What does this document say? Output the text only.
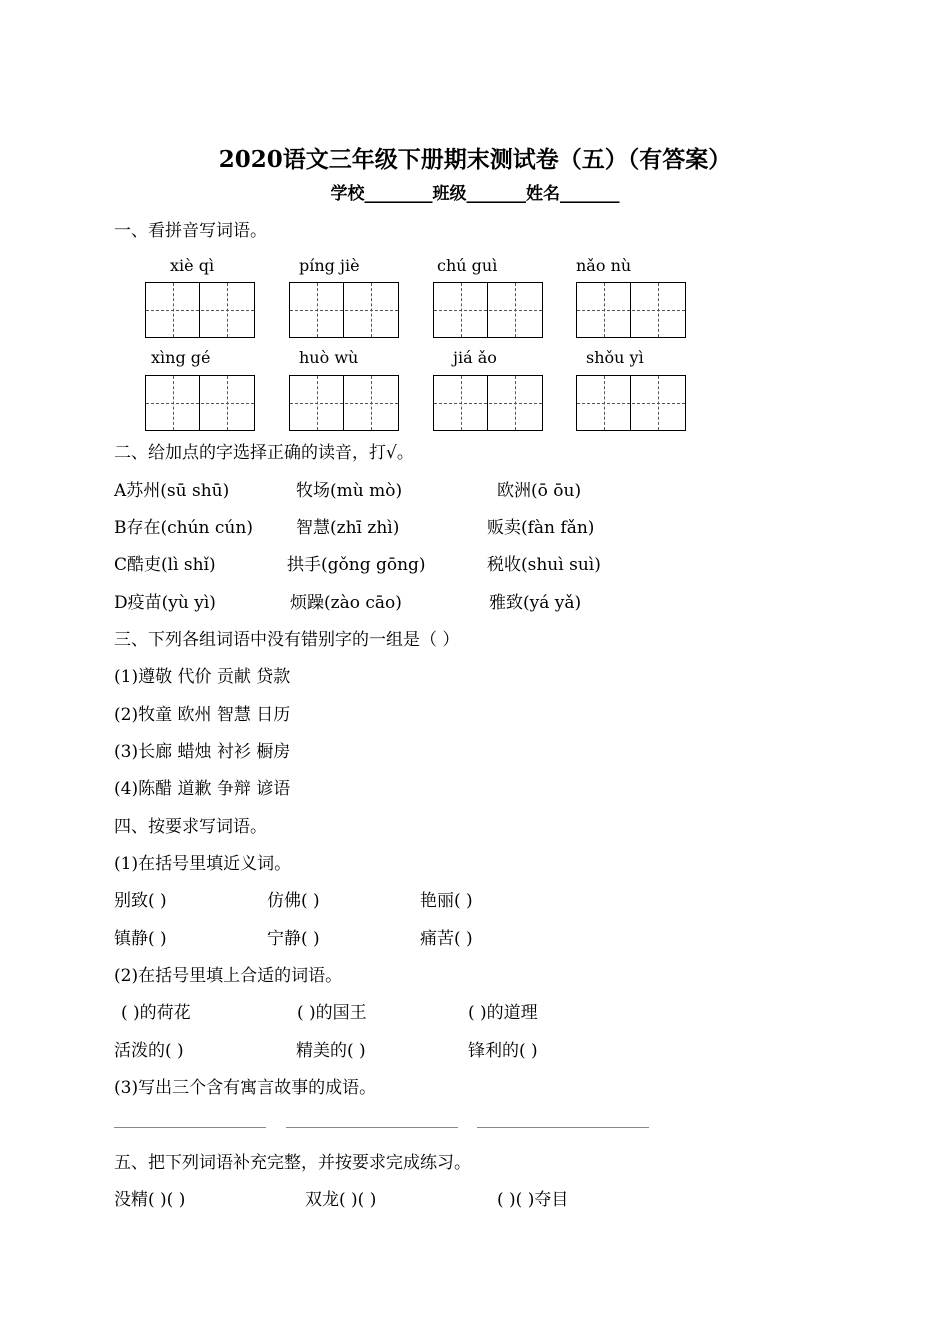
2020语文三年级下册期末测试卷（五）（有答案）
学校________班级_______姓名_______
一、看拼音写词语。
xiè qì	píng jiè	chú guì	nǎo nù
xìng gé	huò wù	jiá ǎo	shǒu yì
二、给加点的字选择正确的读音，打√。
A苏州(sū shū)	牧场(mù mò)	欧洲(ō ōu)
B存在(chún cún)	智慧(zhī zhì)	贩卖(fàn fǎn)
C酷吏(lì shǐ)	拱手(gǒng gōng)	税收(shuì suì)
D疫苗(yù yì)	烦躁(zào cāo)	雅致(yá yǎ)
三、下列各组词语中没有错别字的一组是（ ）
(1)遵敬 代价 贡献 贷款
(2)牧童 欧州 智慧 日历
(3)长廊 蜡烛 衬衫 橱房
(4)陈醋 道歉 争辩 谚语
四、按要求写词语。
(1)在括号里填近义词。
别致( )	仿佛( )	艳丽( )
镇静( )	宁静( )	痛苦( )
(2)在括号里填上合适的词语。
( )的荷花	( )的国王	( )的道理
活泼的( )	精美的( )	锋利的( )
(3)写出三个含有寓言故事的成语。
五、把下列词语补充完整，并按要求完成练习。
没精( )( )	双龙( )( )	( )( )夺目
